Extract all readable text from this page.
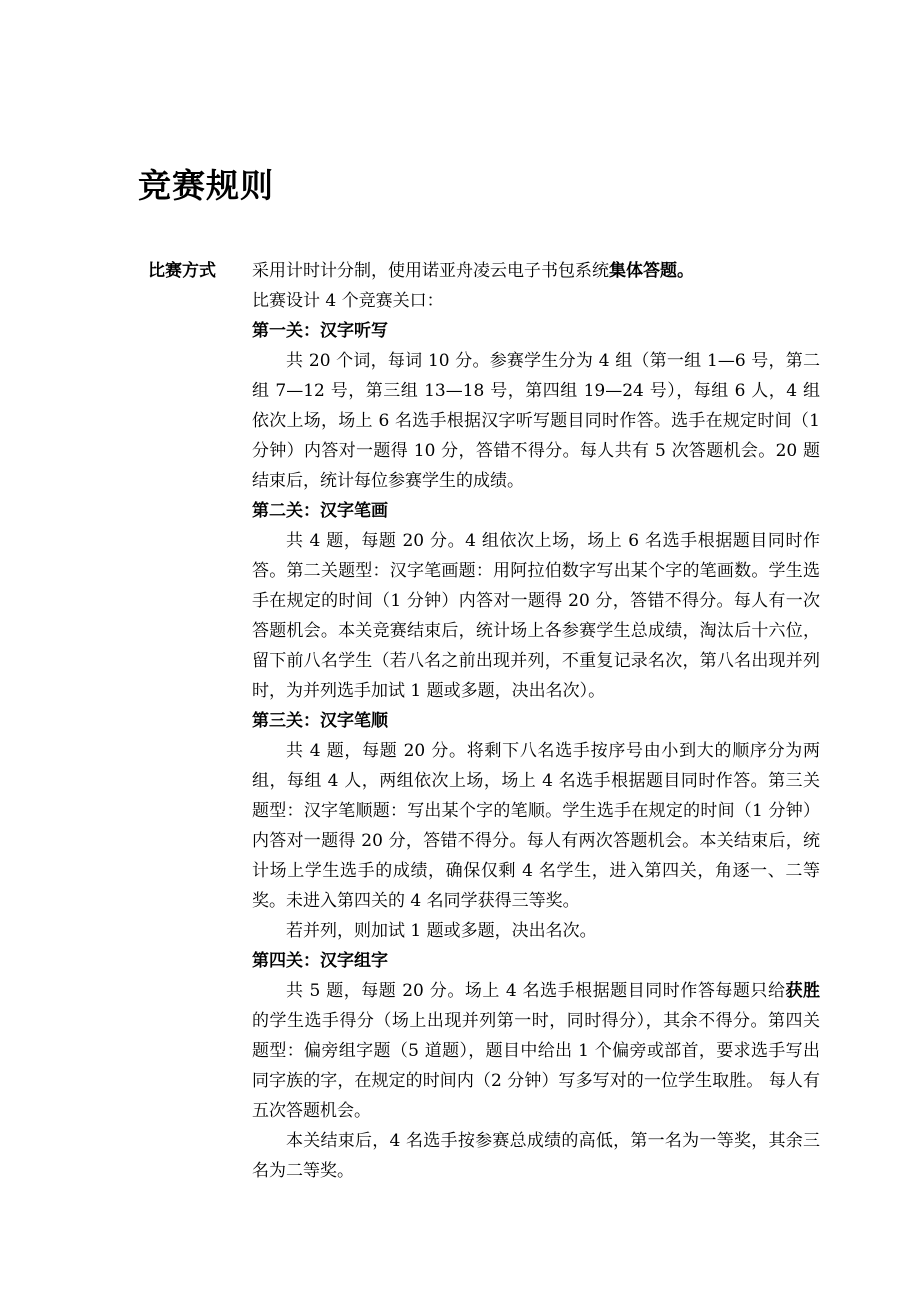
竞赛规则
比赛方式 采用计时计分制，使用诺亚舟凌云电子书包系统集体答题。

比赛设计 4 个竞赛关口：

第一关：汉字听写

共 20 个词，每词 10 分。参赛学生分为 4 组（第一组 1—6 号，第二组 7—12 号，第三组 13—18 号，第四组 19—24 号），每组 6 人，4 组依次上场，场上 6 名选手根据汉字听写题目同时作答。选手在规定时间（1 分钟）内答对一题得 10 分，答错不得分。每人共有 5 次答题机会。20 题结束后，统计每位参赛学生的成绩。

第二关：汉字笔画

共 4 题，每题 20 分。4 组依次上场，场上 6 名选手根据题目同时作答。第二关题型：汉字笔画题：用阿拉伯数字写出某个字的笔画数。学生选手在规定的时间（1 分钟）内答对一题得 20 分，答错不得分。每人有一次答题机会。本关竞赛结束后，统计场上各参赛学生总成绩，淘汰后十六位，留下前八名学生（若八名之前出现并列，不重复记录名次，第八名出现并列时，为并列选手加试 1 题或多题，决出名次）。

第三关：汉字笔顺

共 4 题，每题 20 分。将剩下八名选手按序号由小到大的顺序分为两组，每组 4 人，两组依次上场，场上 4 名选手根据题目同时作答。第三关题型：汉字笔顺题：写出某个字的笔顺。学生选手在规定的时间（1 分钟）内答对一题得 20 分，答错不得分。每人有两次答题机会。本关结束后，统计场上学生选手的成绩，确保仅剩 4 名学生，进入第四关，角逐一、二等奖。未进入第四关的 4 名同学获得三等奖。

若并列，则加试 1 题或多题，决出名次。

第四关：汉字组字

共 5 题，每题 20 分。场上 4 名选手根据题目同时作答每题只给获胜的学生选手得分（场上出现并列第一时，同时得分），其余不得分。第四关题型：偏旁组字题（5 道题），题目中给出 1 个偏旁或部首，要求选手写出同字族的字，在规定的时间内（2 分钟）写多写对的一位学生取胜。 每人有五次答题机会。

本关结束后，4 名选手按参赛总成绩的高低，第一名为一等奖，其余三名为二等奖。
